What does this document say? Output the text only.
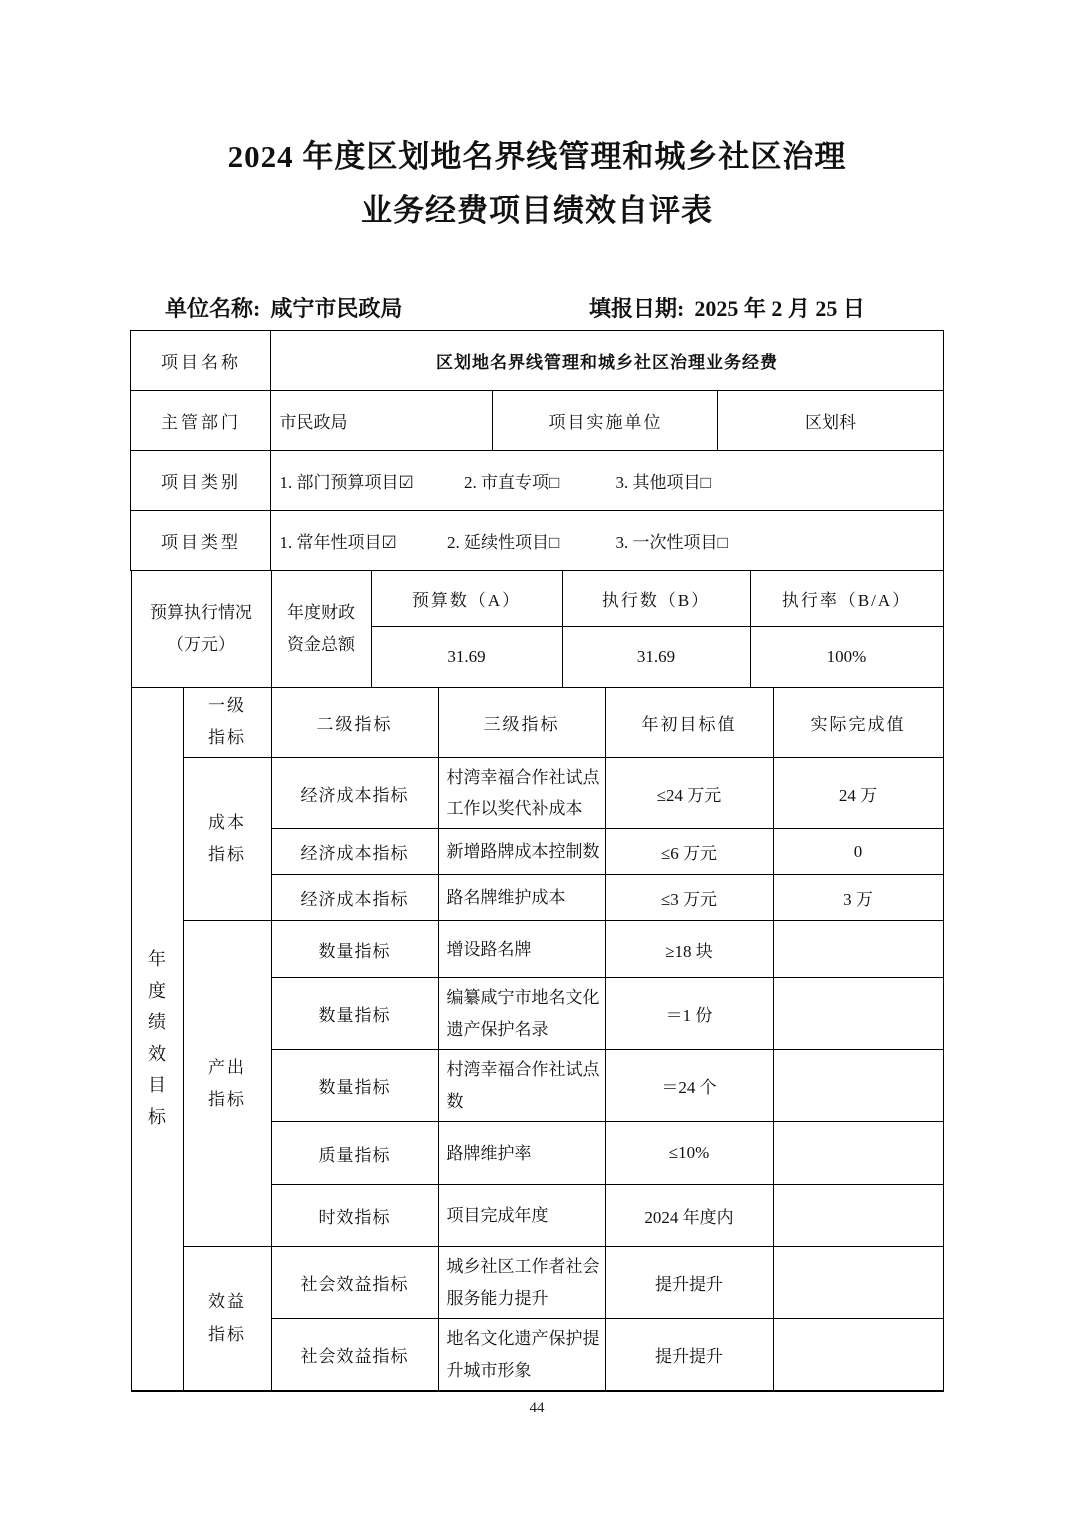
2024 年度区划地名界线管理和城乡社区治理
业务经费项目绩效自评表
单位名称: 咸宁市民政局	填报日期: 2025 年 2 月 25 日
项目名称	区划地名界线管理和城乡社区治理业务经费		
主管部门	市民政局	项目实施单位	区划科
项目类别	1. 部门预算项目☑ 2. 市直专项□ 3. 其他项目□		
项目类型	1. 常年性项目☑ 2. 延续性项目□ 3. 一次性项目□		
预算执行情况（万元）	年度财政资金总额	预算数（A）	执行数（B）	执行率（B/A）
		31.69	31.69	100%
年度绩效目标	一级指标	二级指标	三级指标	年初目标值	实际完成值
	成本指标	经济成本指标	村湾幸福合作社试点工作以奖代补成本	≤24 万元	24 万
		经济成本指标	新增路牌成本控制数	≤6 万元	0
		经济成本指标	路名牌维护成本	≤3 万元	3 万
	产出指标	数量指标	增设路名牌	≥18 块	
		数量指标	编纂咸宁市地名文化遗产保护名录	＝1 份	
		数量指标	村湾幸福合作社试点数	＝24 个	
		质量指标	路牌维护率	≤10%	
		时效指标	项目完成年度	2024 年度内	
	效益指标	社会效益指标	城乡社区工作者社会服务能力提升	提升提升	
		社会效益指标	地名文化遗产保护提升城市形象	提升提升	
44
